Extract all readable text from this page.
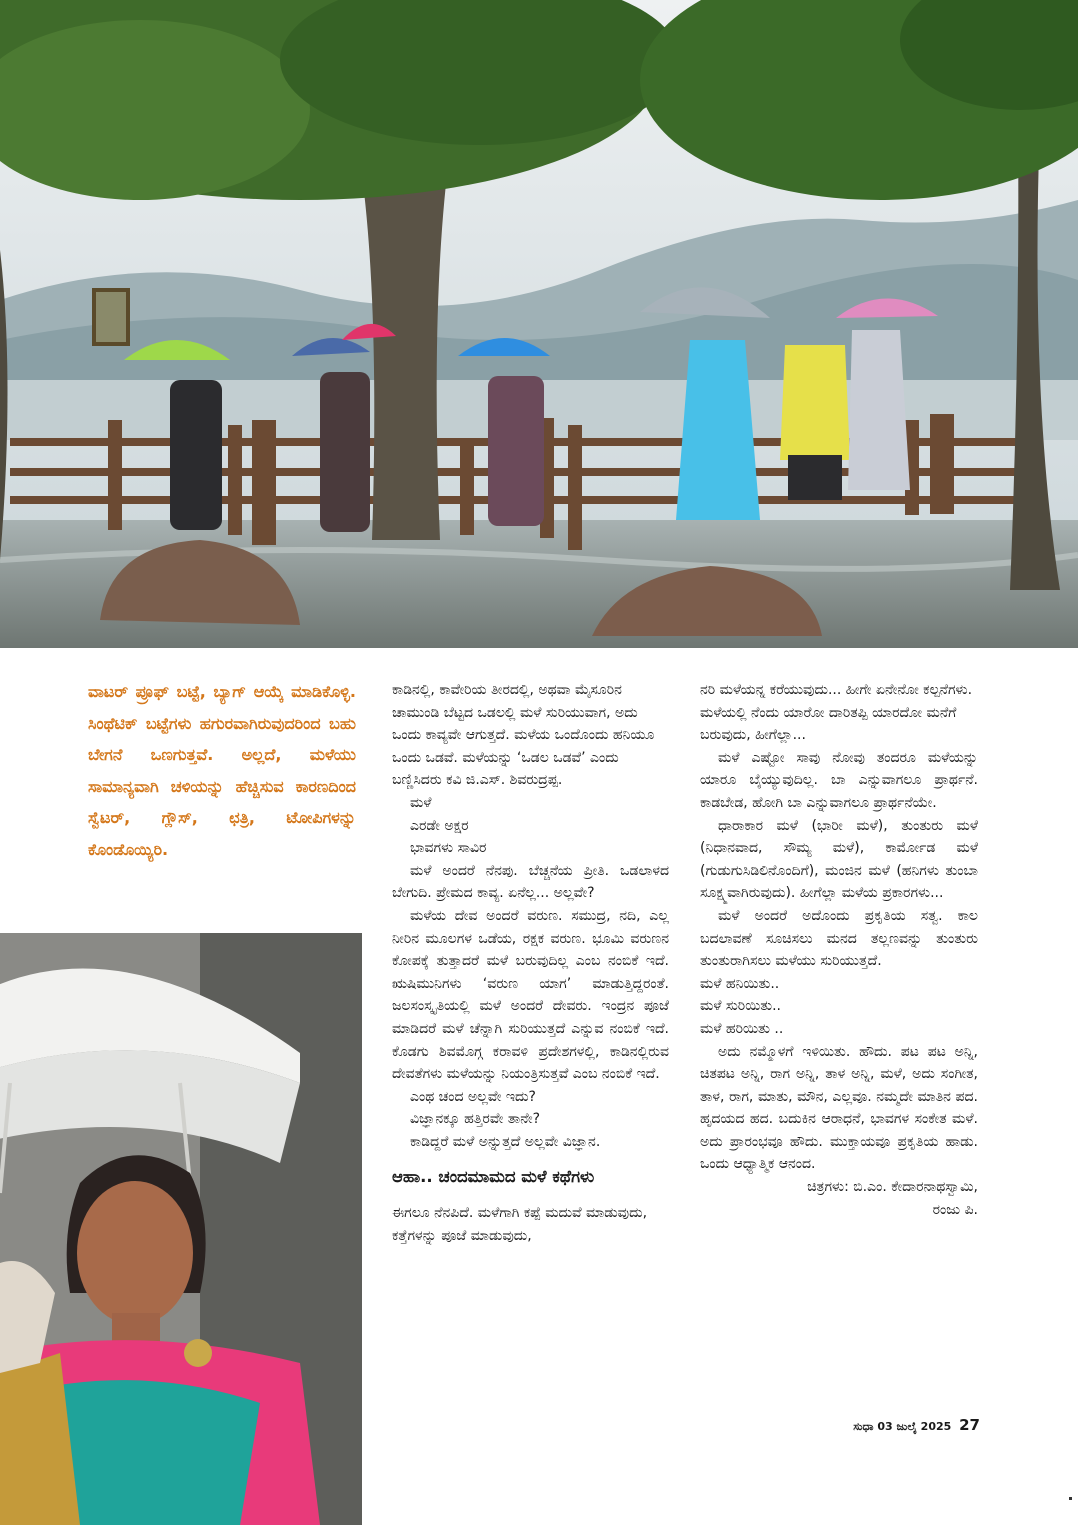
ವಾಟರ್ ಪ್ರೂಫ್ ಬಟ್ಟೆ, ಬ್ಯಾಗ್ ಆಯ್ಕೆ ಮಾಡಿಕೊಳ್ಳಿ. ಸಿಂಥೆಟಿಕ್ ಬಟ್ಟೆಗಳು ಹಗುರವಾಗಿರುವುದರಿಂದ ಬಹು ಬೇಗನೆ ಒಣಗುತ್ತವೆ. ಅಲ್ಲದೆ, ಮಳೆಯು ಸಾಮಾನ್ಯವಾಗಿ ಚಳಿಯನ್ನು ಹೆಚ್ಚಿಸುವ ಕಾರಣದಿಂದ ಸ್ವೆಟರ್, ಗ್ಲೌಸ್, ಛತ್ರಿ, ಟೋಪಿಗಳನ್ನು ಕೊಂಡೊಯ್ಯಿರಿ.

ಕಾಡಿನಲ್ಲಿ, ಕಾವೇರಿಯ ತೀರದಲ್ಲಿ, ಅಥವಾ ಮೈಸೂರಿನ ಚಾಮುಂಡಿ ಬೆಟ್ಟದ ಒಡಲಲ್ಲಿ ಮಳೆ ಸುರಿಯುವಾಗ, ಅದು ಒಂದು ಕಾವ್ಯವೇ ಆಗುತ್ತದೆ. ಮಳೆಯ ಒಂದೊಂದು ಹನಿಯೂ ಒಂದು ಒಡವೆ. ಮಳೆಯನ್ನು ‘ಒಡಲ ಒಡವೆ’ ಎಂದು ಬಣ್ಣಿಸಿದರು ಕವಿ ಜಿ.ಎಸ್. ಶಿವರುದ್ರಪ್ಪ.

ಮಳೆ

ಎರಡೇ ಅಕ್ಷರ

ಭಾವಗಳು ಸಾವಿರ

ಮಳೆ ಅಂದರೆ ನೆನಪು. ಬೆಚ್ಚನೆಯ ಪ್ರೀತಿ. ಒಡಲಾಳದ ಬೇಗುದಿ. ಪ್ರೇಮದ ಕಾವ್ಯ. ಏನೆಲ್ಲ... ಅಲ್ಲವೇ?

ಮಳೆಯ ದೇವ ಅಂದರೆ ವರುಣ. ಸಮುದ್ರ, ನದಿ, ಎಲ್ಲ ನೀರಿನ ಮೂಲಗಳ ಒಡೆಯ, ರಕ್ಷಕ ವರುಣ. ಭೂಮಿ ವರುಣನ ಕೋಪಕ್ಕೆ ತುತ್ತಾದರೆ ಮಳೆ ಬರುವುದಿಲ್ಲ ಎಂಬ ನಂಬಿಕೆ ಇದೆ. ಋಷಿಮುನಿಗಳು ‘ವರುಣ ಯಾಗ’ ಮಾಡುತ್ತಿದ್ದರಂತೆ. ಜಲಸಂಸ್ಕೃತಿಯಲ್ಲಿ ಮಳೆ ಅಂದರೆ ದೇವರು. ಇಂದ್ರನ ಪೂಜೆ ಮಾಡಿದರೆ ಮಳೆ ಚೆನ್ನಾಗಿ ಸುರಿಯುತ್ತದೆ ಎನ್ನುವ ನಂಬಿಕೆ ಇದೆ. ಕೊಡಗು ಶಿವಮೊಗ್ಗ ಕರಾವಳಿ ಪ್ರದೇಶಗಳಲ್ಲಿ, ಕಾಡಿನಲ್ಲಿರುವ ದೇವತೆಗಳು ಮಳೆಯನ್ನು ನಿಯಂತ್ರಿಸುತ್ತವೆ ಎಂಬ ನಂಬಿಕೆ ಇದೆ.

ಎಂಥ ಚಂದ ಅಲ್ಲವೇ ಇದು?

ವಿಜ್ಞಾನಕ್ಕೂ ಹತ್ತಿರವೇ ತಾನೇ?

ಕಾಡಿದ್ದರೆ ಮಳೆ ಅನ್ನುತ್ತದೆ ಅಲ್ಲವೇ ವಿಜ್ಞಾನ.

ಆಹಾ.. ಚಂದಮಾಮದ ಮಳೆ ಕಥೆಗಳು

ಈಗಲೂ ನೆನಪಿದೆ. ಮಳೆಗಾಗಿ ಕಪ್ಪೆ ಮದುವೆ ಮಾಡುವುದು, ಕತ್ತೆಗಳನ್ನು ಪೂಜೆ ಮಾಡುವುದು,

ನರಿ ಮಳೆಯನ್ನ ಕರೆಯುವುದು... ಹೀಗೇ ಏನೇನೋ ಕಲ್ಪನೆಗಳು. ಮಳೆಯಲ್ಲಿ ನೆಂದು ಯಾರೋ ದಾರಿತಪ್ಪಿ ಯಾರದೋ ಮನೆಗೆ ಬರುವುದು, ಹೀಗೆಲ್ಲಾ...

ಮಳೆ ಎಷ್ಟೋ ಸಾವು ನೋವು ತಂದರೂ ಮಳೆಯನ್ನು ಯಾರೂ ಬೈಯ್ಯುವುದಿಲ್ಲ. ಬಾ ಎನ್ನುವಾಗಲೂ ಪ್ರಾರ್ಥನೆ. ಕಾಡಬೇಡ, ಹೋಗಿ ಬಾ ಎನ್ನುವಾಗಲೂ ಪ್ರಾರ್ಥನೆಯೇ.

ಧಾರಾಕಾರ ಮಳೆ (ಭಾರೀ ಮಳೆ), ತುಂತುರು ಮಳೆ (ನಿಧಾನವಾದ, ಸೌಮ್ಯ ಮಳೆ), ಕಾರ್ಮೋಡ ಮಳೆ (ಗುಡುಗುಸಿಡಿಲಿನೊಂದಿಗೆ), ಮಂಜಿನ ಮಳೆ (ಹನಿಗಳು ತುಂಬಾ ಸೂಕ್ಷ್ಮವಾಗಿರುವುದು). ಹೀಗೆಲ್ಲಾ ಮಳೆಯ ಪ್ರಕಾರಗಳು...

ಮಳೆ ಅಂದರೆ ಅದೊಂದು ಪ್ರಕೃತಿಯ ಸತ್ವ. ಕಾಲ ಬದಲಾವಣೆ ಸೂಚಿಸಲು ಮನದ ತಲ್ಲಣವನ್ನು ತುಂತುರು ತುಂತುರಾಗಿಸಲು ಮಳೆಯು ಸುರಿಯುತ್ತದೆ.

ಮಳೆ ಹನಿಯಿತು..

ಮಳೆ ಸುರಿಯಿತು..

ಮಳೆ ಹರಿಯಿತು ..

ಅದು ನಮ್ಮೊಳಗೆ ಇಳಿಯಿತು. ಹೌದು. ಪಟ ಪಟ ಅನ್ನಿ, ಚಿತಪಟ ಅನ್ನಿ, ರಾಗ ಅನ್ನಿ, ತಾಳ ಅನ್ನಿ, ಮಳೆ, ಅದು ಸಂಗೀತ, ತಾಳ, ರಾಗ, ಮಾತು, ಮೌನ, ಎಲ್ಲವೂ. ನಮ್ಮದೇ ಮಾತಿನ ಪದ. ಹೃದಯದ ಹದ. ಬದುಕಿನ ಆರಾಧನೆ, ಭಾವಗಳ ಸಂಕೇತ ಮಳೆ. ಅದು ಪ್ರಾರಂಭವೂ ಹೌದು. ಮುಕ್ತಾಯವೂ ಪ್ರಕೃತಿಯ ಹಾಡು. ಒಂದು ಆಧ್ಯಾತ್ಮಿಕ ಆನಂದ.

ಚಿತ್ರಗಳು: ಬಿ.ಎಂ. ಕೇದಾರನಾಥಸ್ವಾಮಿ,

ರಂಜು ಪಿ.

ಸುಧಾ 03 ಜುಲೈ 2025 27
